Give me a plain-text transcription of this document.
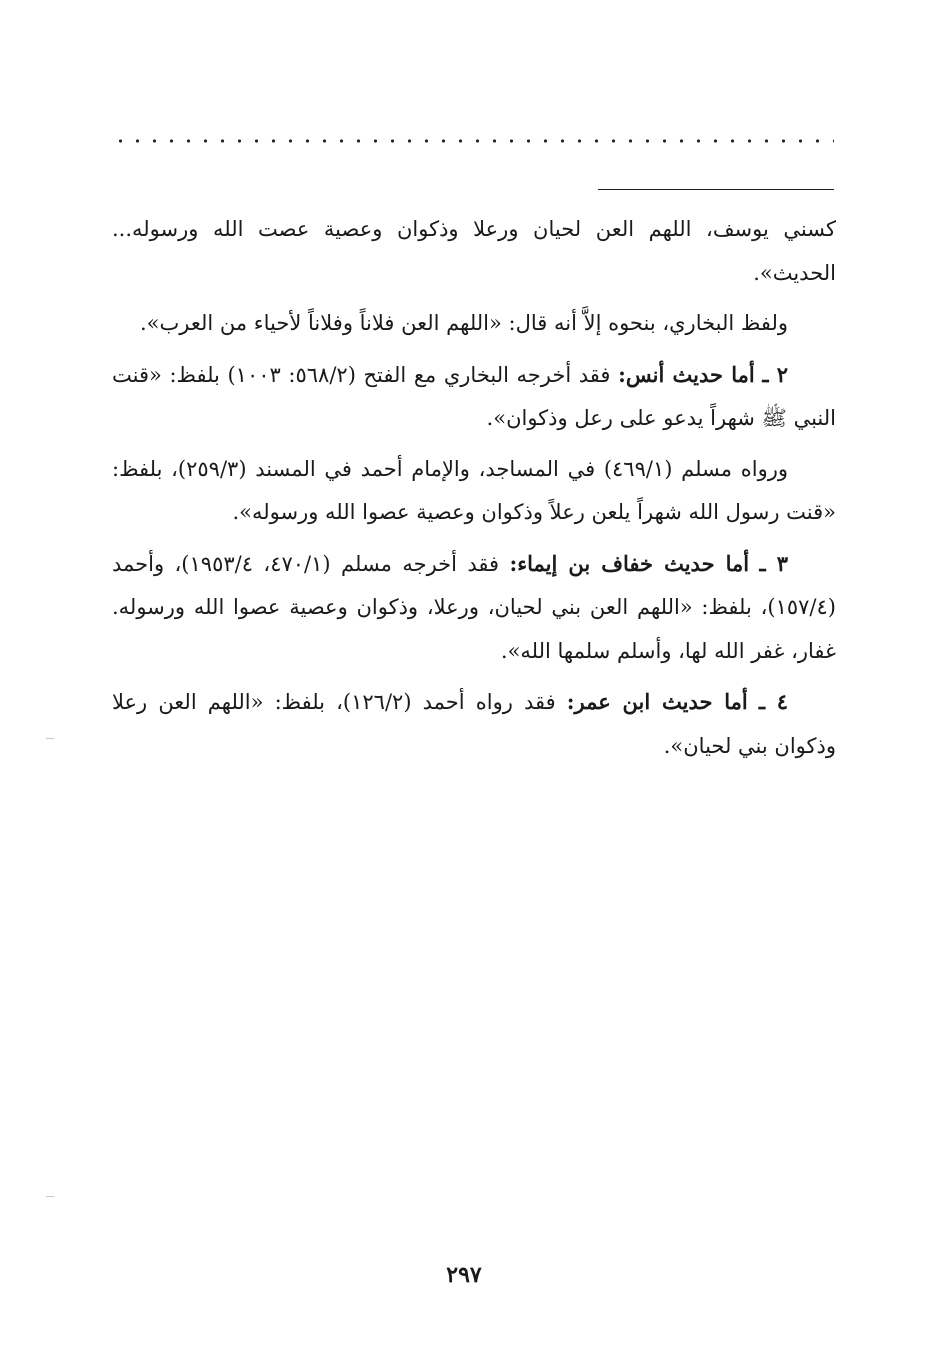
كسني يوسف، اللهم العن لحيان ورعلا وذكوان وعصية عصت الله ورسوله... الحديث».

ولفظ البخاري، بنحوه إلاَّ أنه قال: «اللهم العن فلاناً وفلاناً لأحياء من العرب».

٢ ـ أما حديث أنس: فقد أخرجه البخاري مع الفتح (٥٦٨/٢: ١٠٠٣) بلفظ: «قنت النبي ﷺ شهراً يدعو على رعل وذكوان».

ورواه مسلم (٤٦٩/١) في المساجد، والإمام أحمد في المسند (٢٥٩/٣)، بلفظ: «قنت رسول الله شهراً يلعن رعلاً وذكوان وعصية عصوا الله ورسوله».

٣ ـ أما حديث خفاف بن إيماء: فقد أخرجه مسلم (٤٧٠/١، ١٩٥٣/٤)، وأحمد (١٥٧/٤)، بلفظ: «اللهم العن بني لحيان، ورعلا، وذكوان وعصية عصوا الله ورسوله. غفار، غفر الله لها، وأسلم سلمها الله».

٤ ـ أما حديث ابن عمر: فقد رواه أحمد (١٢٦/٢)، بلفظ: «اللهم العن رعلا وذكوان بني لحيان».

٢٩٧
